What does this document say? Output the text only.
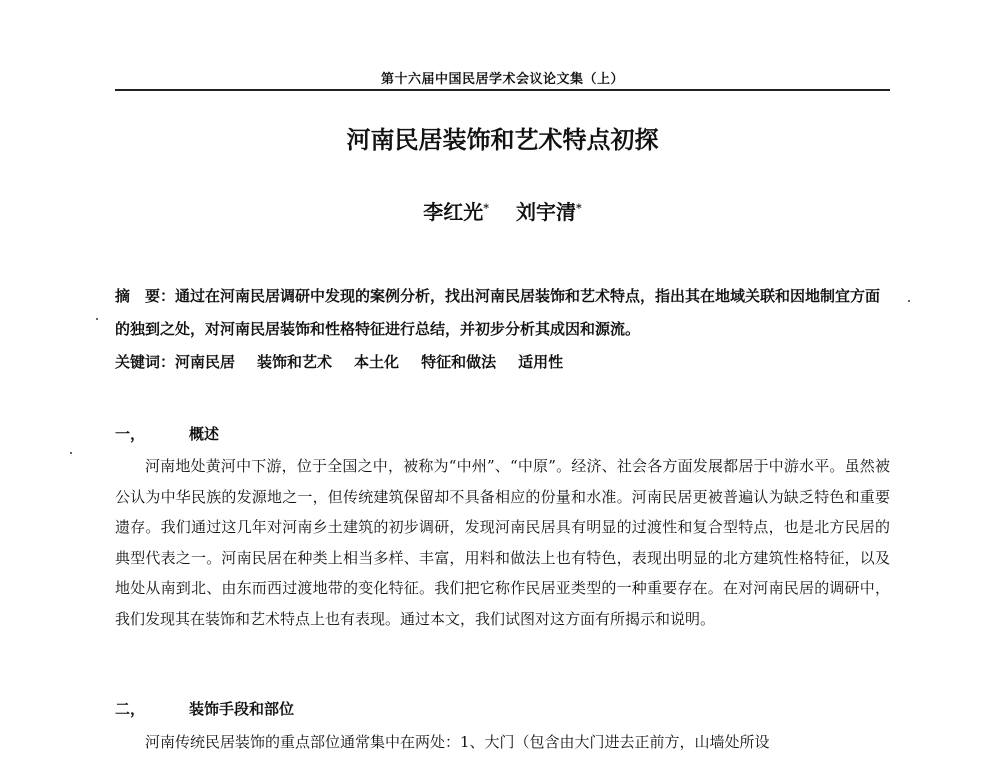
第十六届中国民居学术会议论文集（上）
河南民居装饰和艺术特点初探
李红光* 刘宇清*
摘　要：通过在河南民居调研中发现的案例分析，找出河南民居装饰和艺术特点，指出其在地域关联和因地制宜方面的独到之处，对河南民居装饰和性格特征进行总结，并初步分析其成因和源流。
关键词：河南民居 装饰和艺术 本土化 特征和做法 适用性
一，	概述
河南地处黄河中下游，位于全国之中，被称为“中州”、“中原”。经济、社会各方面发展都居于中游水平。虽然被公认为中华民族的发源地之一，但传统建筑保留却不具备相应的份量和水准。河南民居更被普遍认为缺乏特色和重要遗存。我们通过这几年对河南乡土建筑的初步调研，发现河南民居具有明显的过渡性和复合型特点，也是北方民居的典型代表之一。河南民居在种类上相当多样、丰富，用料和做法上也有特色，表现出明显的北方建筑性格特征，以及地处从南到北、由东而西过渡地带的变化特征。我们把它称作民居亚类型的一种重要存在。在对河南民居的调研中，我们发现其在装饰和艺术特点上也有表现。通过本文，我们试图对这方面有所揭示和说明。
二，	装饰手段和部位
河南传统民居装饰的重点部位通常集中在两处：1、大门（包含由大门进去正前方，山墙处所设
